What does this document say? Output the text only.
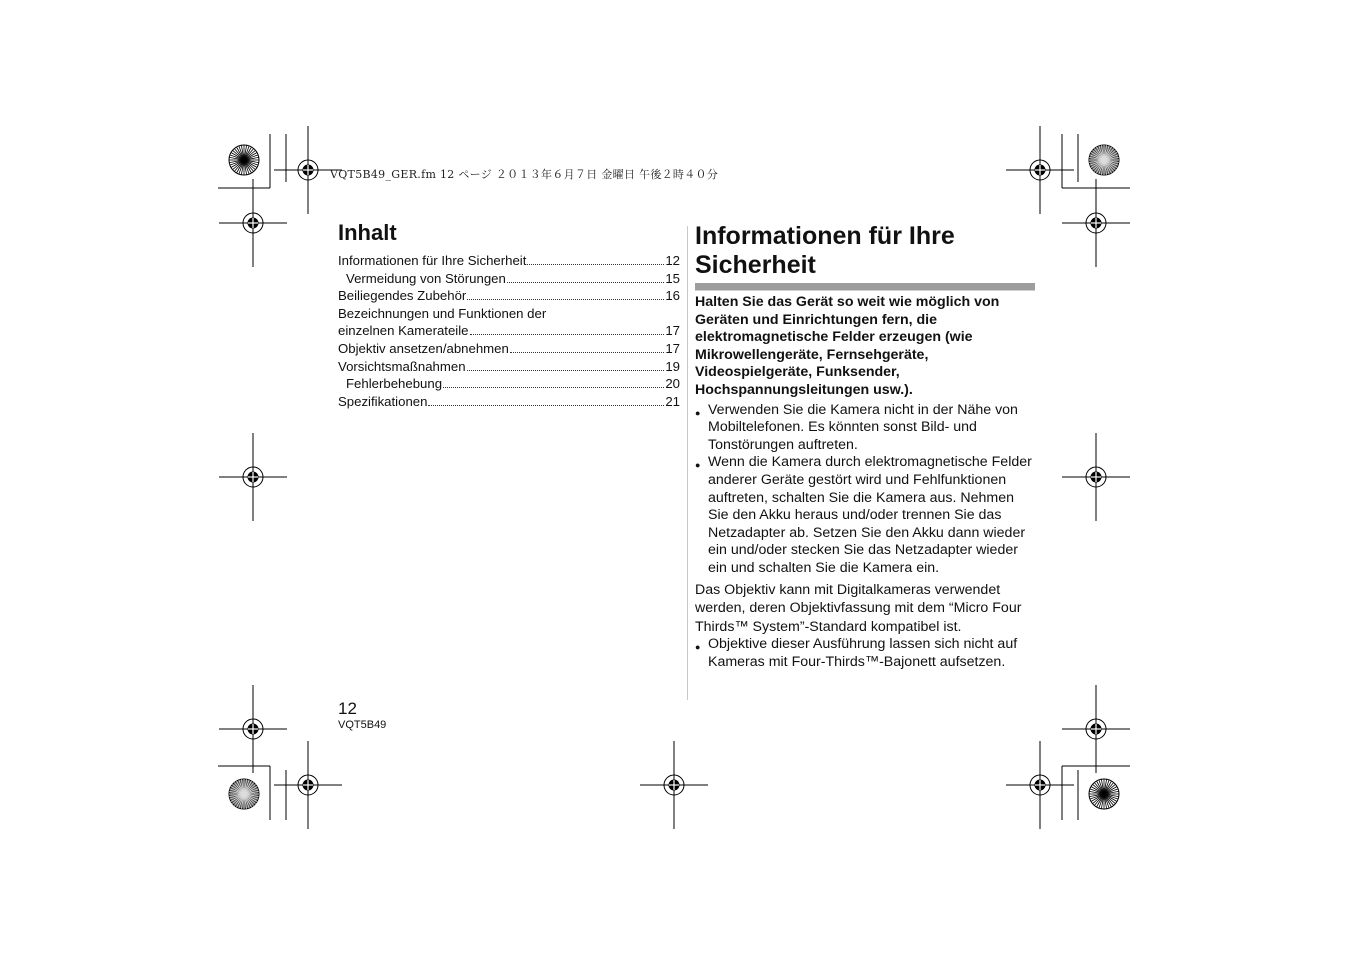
VQT5B49_GER.fm 12 ページ ２０１３年６月７日 金曜日 午後２時４０分
Inhalt
Informationen für Ihre Sicherheit	12
Vermeidung von Störungen	15
Beiliegendes Zubehör	16
Bezeichnungen und Funktionen der
einzelnen Kamerateile	17
Objektiv ansetzen/abnehmen	17
Vorsichtsmaßnahmen	19
Fehlerbehebung	20
Spezifikationen	21
Informationen für Ihre Sicherheit

Halten Sie das Gerät so weit wie möglich von Geräten und Einrichtungen fern, die elektromagnetische Felder erzeugen (wie Mikrowellengeräte, Fernsehgeräte, Videospielgeräte, Funksender, Hochspannungsleitungen usw.).

● Verwenden Sie die Kamera nicht in der Nähe von Mobiltelefonen. Es könnten sonst Bild- und Tonstörungen auftreten.

● Wenn die Kamera durch elektromagnetische Felder anderer Geräte gestört wird und Fehlfunktionen auftreten, schalten Sie die Kamera aus. Nehmen Sie den Akku heraus und/oder trennen Sie das Netzadapter ab. Setzen Sie den Akku dann wieder ein und/oder stecken Sie das Netzadapter wieder ein und schalten Sie die Kamera ein.

Das Objektiv kann mit Digitalkameras verwendet werden, deren Objektivfassung mit dem “Micro Four Thirds™ System”-Standard kompatibel ist.

● Objektive dieser Ausführung lassen sich nicht auf Kameras mit Four-Thirds™-Bajonett aufsetzen.

12
VQT5B49
